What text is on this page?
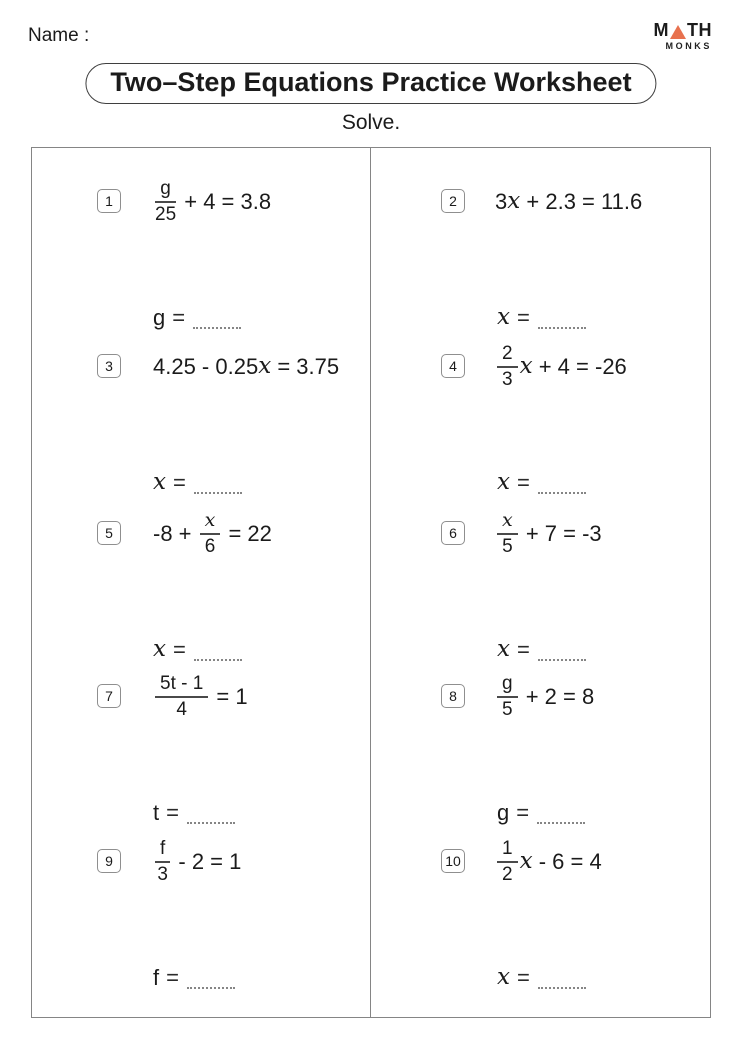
Name :	M TH
MONKS
Two–Step Equations Practice Worksheet
Solve.
1	$\frac{g}{25} + 4 = 3.8$
g =
2	3 x + 2.3 = 11.6
x =
3	4.25 - 0.25 x = 3.75
x =
4	$\frac{2}{3}$ x + 4 = -26
x =
5	$-8 + \frac{x}{6} = 22$
x =
6	$\frac{x}{5} + 7 = -3$
x =
7	$\frac{5t - 1}{4} = 1$
t =
8	$\frac{g}{5} + 2 = 8$
g =
9	$\frac{f}{3} - 2 = 1$
f =
$10 \frac{1}{2}$ x - 6 = 4
x =
